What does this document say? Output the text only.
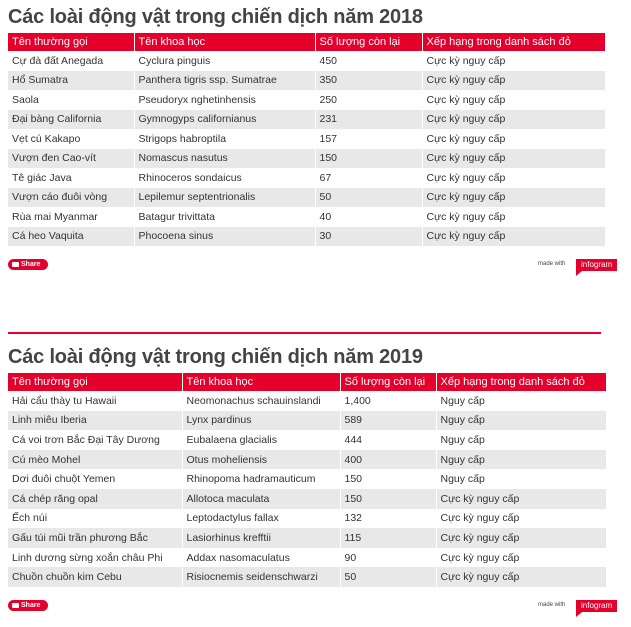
Các loài động vật trong chiến dịch năm 2018
Tên thường gọi	Tên khoa học	Số lượng còn lại	Xếp hạng trong danh sách đỏ
Cự đà đất Anegada	Cyclura pinguis	450	Cực kỳ nguy cấp
Hổ Sumatra	Panthera tigris ssp. Sumatrae	350	Cực kỳ nguy cấp
Saola	Pseudoryx nghetinhensis	250	Cực kỳ nguy cấp
Đại bàng California	Gymnogyps californianus	231	Cực kỳ nguy cấp
Vẹt cú Kakapo	Strigops habroptila	157	Cực kỳ nguy cấp
Vượn đen Cao-vít	Nomascus nasutus	150	Cực kỳ nguy cấp
Tê giác Java	Rhinoceros sondaicus	67	Cực kỳ nguy cấp
Vượn cáo đuôi vòng	Lepilemur septentrionalis	50	Cực kỳ nguy cấp
Rùa mai Myanmar	Batagur trivittata	40	Cực kỳ nguy cấp
Cá heo Vaquita	Phocoena sinus	30	Cực kỳ nguy cấp
Share	made with	infogram
Các loài động vật trong chiến dịch năm 2019
Tên thường gọi	Tên khoa học	Số lượng còn lại	Xếp hạng trong danh sách đỏ
Hải cẩu thày tu Hawaii	Neomonachus schauinslandi	1,400	Nguy cấp
Linh miêu Iberia	Lynx pardinus	589	Nguy cấp
Cá voi trơn Bắc Đại Tây Dương	Eubalaena glacialis	444	Nguy cấp
Cú mèo Mohel	Otus moheliensis	400	Nguy cấp
Dơi đuôi chuột Yemen	Rhinopoma hadramauticum	150	Nguy cấp
Cá chép răng opal	Allotoca maculata	150	Cực kỳ nguy cấp
Ếch núi	Leptodactylus fallax	132	Cực kỳ nguy cấp
Gấu túi mũi trần phương Bắc	Lasiorhinus krefftii	115	Cực kỳ nguy cấp
Linh dương sừng xoắn châu Phi	Addax nasomaculatus	90	Cực kỳ nguy cấp
Chuồn chuồn kim Cebu	Risiocnemis seidenschwarzi	50	Cực kỳ nguy cấp
Share	made with	infogram
